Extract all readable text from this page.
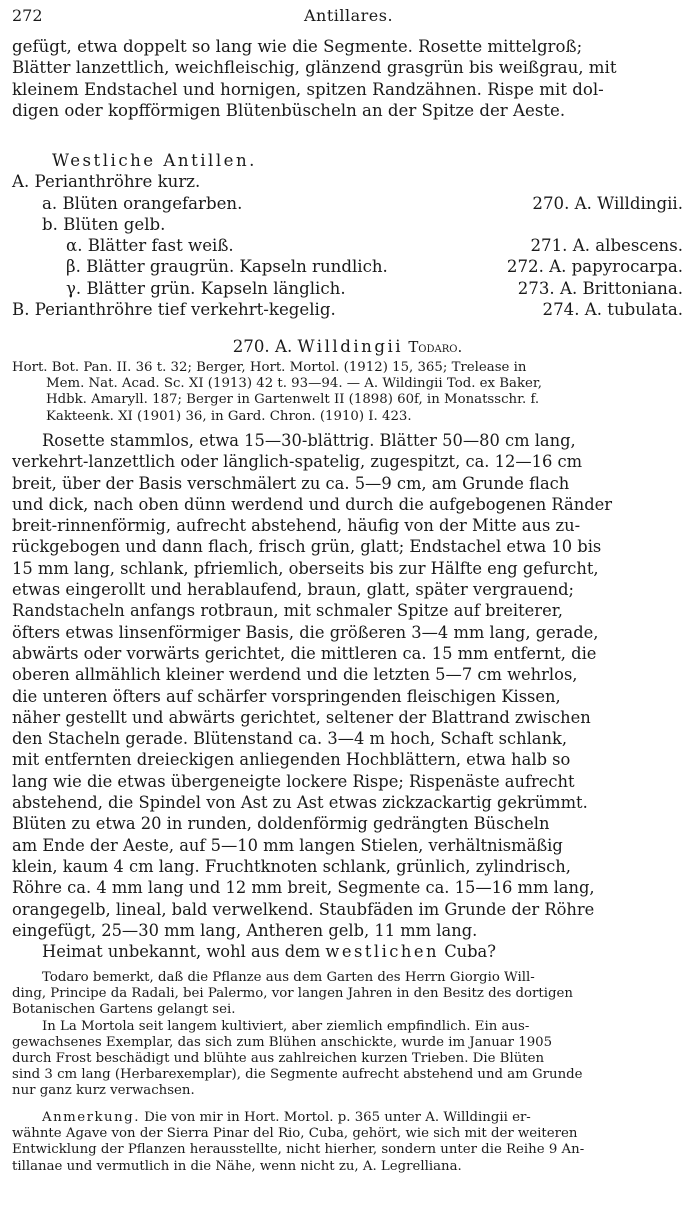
272	Antillares.
gefügt, etwa doppelt so lang wie die Segmente. Rosette mittelgroß;
Blätter lanzettlich, weichfleischig, glänzend grasgrün bis weißgrau, mit
kleinem Endstachel und hornigen, spitzen Randzähnen. Rispe mit dol-
digen oder kopfförmigen Blütenbüscheln an der Spitze der Aeste.
Westliche Antillen.
A. Perianthröhre kurz.
a. Blüten orangefarben.	270. A. Willdingii.
b. Blüten gelb.
α. Blätter fast weiß.	271. A. albescens.
β. Blätter graugrün. Kapseln rundlich.	272. A. papyrocarpa.
γ. Blätter grün. Kapseln länglich.	273. A. Brittoniana.
B. Perianthröhre tief verkehrt-kegelig.	274. A. tubulata.
270. A. Willdingii Todaro.
Hort. Bot. Pan. II. 36 t. 32; Berger, Hort. Mortol. (1912) 15, 365; Trelease in
Mem. Nat. Acad. Sc. XI (1913) 42 t. 93—94. — A. Wildingii Tod. ex Baker,
Hdbk. Amaryll. 187; Berger in Gartenwelt II (1898) 60f, in Monatsschr. f.
Kakteenk. XI (1901) 36, in Gard. Chron. (1910) I. 423.
Rosette stammlos, etwa 15—30-blättrig. Blätter 50—80 cm lang,
verkehrt-lanzettlich oder länglich-spatelig, zugespitzt, ca. 12—16 cm
breit, über der Basis verschmälert zu ca. 5—9 cm, am Grunde flach
und dick, nach oben dünn werdend und durch die aufgebogenen Ränder
breit-rinnenförmig, aufrecht abstehend, häufig von der Mitte aus zu-
rückgebogen und dann flach, frisch grün, glatt; Endstachel etwa 10 bis
15 mm lang, schlank, pfriemlich, oberseits bis zur Hälfte eng gefurcht,
etwas eingerollt und herablaufend, braun, glatt, später vergrauend;
Randstacheln anfangs rotbraun, mit schmaler Spitze auf breiterer,
öfters etwas linsenförmiger Basis, die größeren 3—4 mm lang, gerade,
abwärts oder vorwärts gerichtet, die mittleren ca. 15 mm entfernt, die
oberen allmählich kleiner werdend und die letzten 5—7 cm wehrlos,
die unteren öfters auf schärfer vorspringenden fleischigen Kissen,
näher gestellt und abwärts gerichtet, seltener der Blattrand zwischen
den Stacheln gerade. Blütenstand ca. 3—4 m hoch, Schaft schlank,
mit entfernten dreieckigen anliegenden Hochblättern, etwa halb so
lang wie die etwas übergeneigte lockere Rispe; Rispenäste aufrecht
abstehend, die Spindel von Ast zu Ast etwas zickzackartig gekrümmt.
Blüten zu etwa 20 in runden, doldenförmig gedrängten Büscheln
am Ende der Aeste, auf 5—10 mm langen Stielen, verhältnismäßig
klein, kaum 4 cm lang. Fruchtknoten schlank, grünlich, zylindrisch,
Röhre ca. 4 mm lang und 12 mm breit, Segmente ca. 15—16 mm lang,
orangegelb, lineal, bald verwelkend. Staubfäden im Grunde der Röhre
eingefügt, 25—30 mm lang, Antheren gelb, 11 mm lang.
Heimat unbekannt, wohl aus dem westlichen Cuba?
Todaro bemerkt, daß die Pflanze aus dem Garten des Herrn Giorgio Will-
ding, Principe da Radali, bei Palermo, vor langen Jahren in den Besitz des dortigen
Botanischen Gartens gelangt sei.
In La Mortola seit langem kultiviert, aber ziemlich empfindlich. Ein aus-
gewachsenes Exemplar, das sich zum Blühen anschickte, wurde im Januar 1905
durch Frost beschädigt und blühte aus zahlreichen kurzen Trieben. Die Blüten
sind 3 cm lang (Herbarexemplar), die Segmente aufrecht abstehend und am Grunde
nur ganz kurz verwachsen.
Anmerkung. Die von mir in Hort. Mortol. p. 365 unter A. Willdingii er-
wähnte Agave von der Sierra Pinar del Rio, Cuba, gehört, wie sich mit der weiteren
Entwicklung der Pflanzen herausstellte, nicht hierher, sondern unter die Reihe 9 An-
tillanae und vermutlich in die Nähe, wenn nicht zu, A. Legrelliana.
